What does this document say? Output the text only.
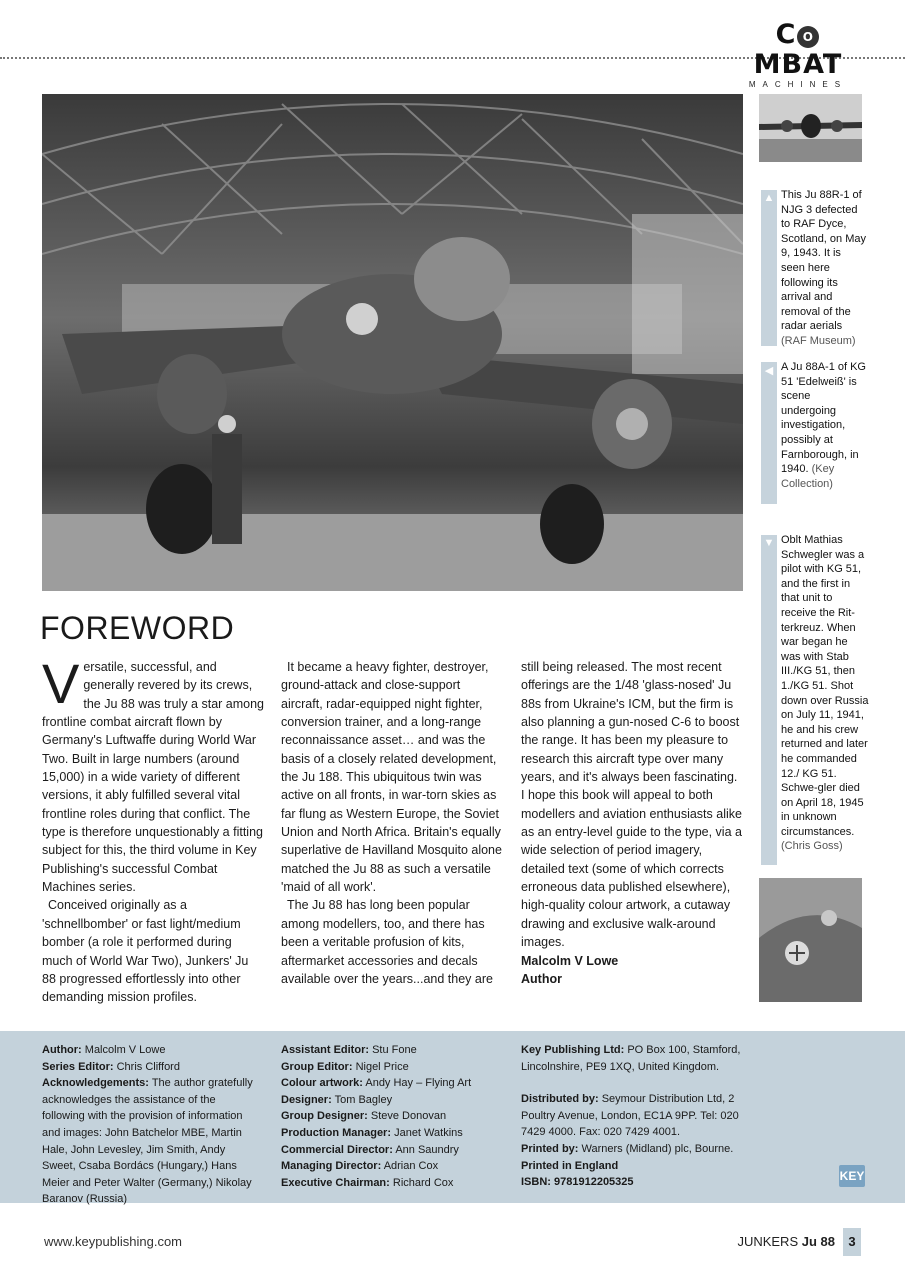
C OMBAT
MACHINES
▲ This Ju 88R-1 of NJG 3 defected to RAF Dyce, Scotland, on May 9, 1943. It is seen here following its arrival and removal of the radar aerials (RAF Museum)
◀ A Ju 88A-1 of KG 51 'Edelweiß' is scene undergoing investigation, possibly at Farnborough, in 1940. (Key Collection)
▼ Oblt Mathias Schwegler was a pilot with KG 51, and the first in that unit to receive the Rit-terkreuz. When war began he was with Stab III./KG 51, then 1./KG 51. Shot down over Russia on July 11, 1941, he and his crew returned and later he commanded 12./ KG 51. Schwe-gler died on April 18, 1945 in unknown circumstances. (Chris Goss)
FOREWORD

Versatile, successful, and generally revered by its crews, the Ju 88 was truly a star among frontline combat aircraft flown by Germany's Luftwaffe during World War Two. Built in large numbers (around 15,000) in a wide variety of different versions, it ably fulfilled several vital frontline roles during that conflict. The type is therefore unquestionably a fitting subject for this, the third volume in Key Publishing's successful Combat Machines series.

Conceived originally as a 'schnellbomber' or fast light/medium bomber (a role it performed during much of World War Two), Junkers' Ju 88 progressed effortlessly into other demanding mission profiles.

It became a heavy fighter, destroyer, ground-attack and close-support aircraft, radar-equipped night fighter, conversion trainer, and a long-range reconnaissance asset… and was the basis of a closely related development, the Ju 188. This ubiquitous twin was active on all fronts, in war-torn skies as far flung as Western Europe, the Soviet Union and North Africa. Britain's equally superlative de Havilland Mosquito alone matched the Ju 88 as such a versatile 'maid of all work'.

The Ju 88 has long been popular among modellers, too, and there has been a veritable profusion of kits, aftermarket accessories and decals available over the years...and they are

still being released. The most recent offerings are the 1/48 'glass-nosed' Ju 88s from Ukraine's ICM, but the firm is also planning a gun-nosed C-6 to boost the range. It has been my pleasure to research this aircraft type over many years, and it's always been fascinating. I hope this book will appeal to both modellers and aviation enthusiasts alike as an entry-level guide to the type, via a wide selection of period imagery, detailed text (some of which corrects erroneous data published elsewhere), high-quality colour artwork, a cutaway drawing and exclusive walk-around images.

Malcolm V Lowe

Author

Author: Malcolm V Lowe

Series Editor: Chris Clifford

Acknowledgements: The author gratefully acknowledges the assistance of the following with the provision of information and images: John Batchelor MBE, Martin Hale, John Levesley, Jim Smith, Andy Sweet, Csaba Bordács (Hungary,) Hans Meier and Peter Walter (Germany,) Nikolay Baranov (Russia)

Assistant Editor: Stu Fone

Group Editor: Nigel Price

Colour artwork: Andy Hay – Flying Art

Designer: Tom Bagley

Group Designer: Steve Donovan

Production Manager: Janet Watkins

Commercial Director: Ann Saundry

Managing Director: Adrian Cox

Executive Chairman: Richard Cox

Key Publishing Ltd: PO Box 100, Stamford, Lincolnshire, PE9 1XQ, United Kingdom.

Distributed by: Seymour Distribution Ltd, 2 Poultry Avenue, London, EC1A 9PP. Tel: 020 7429 4000. Fax: 020 7429 4001.

Printed by: Warners (Midland) plc, Bourne.

Printed in England

ISBN: 9781912205325	KEY
www.keypublishing.com	JUNKERS Ju 88	3
